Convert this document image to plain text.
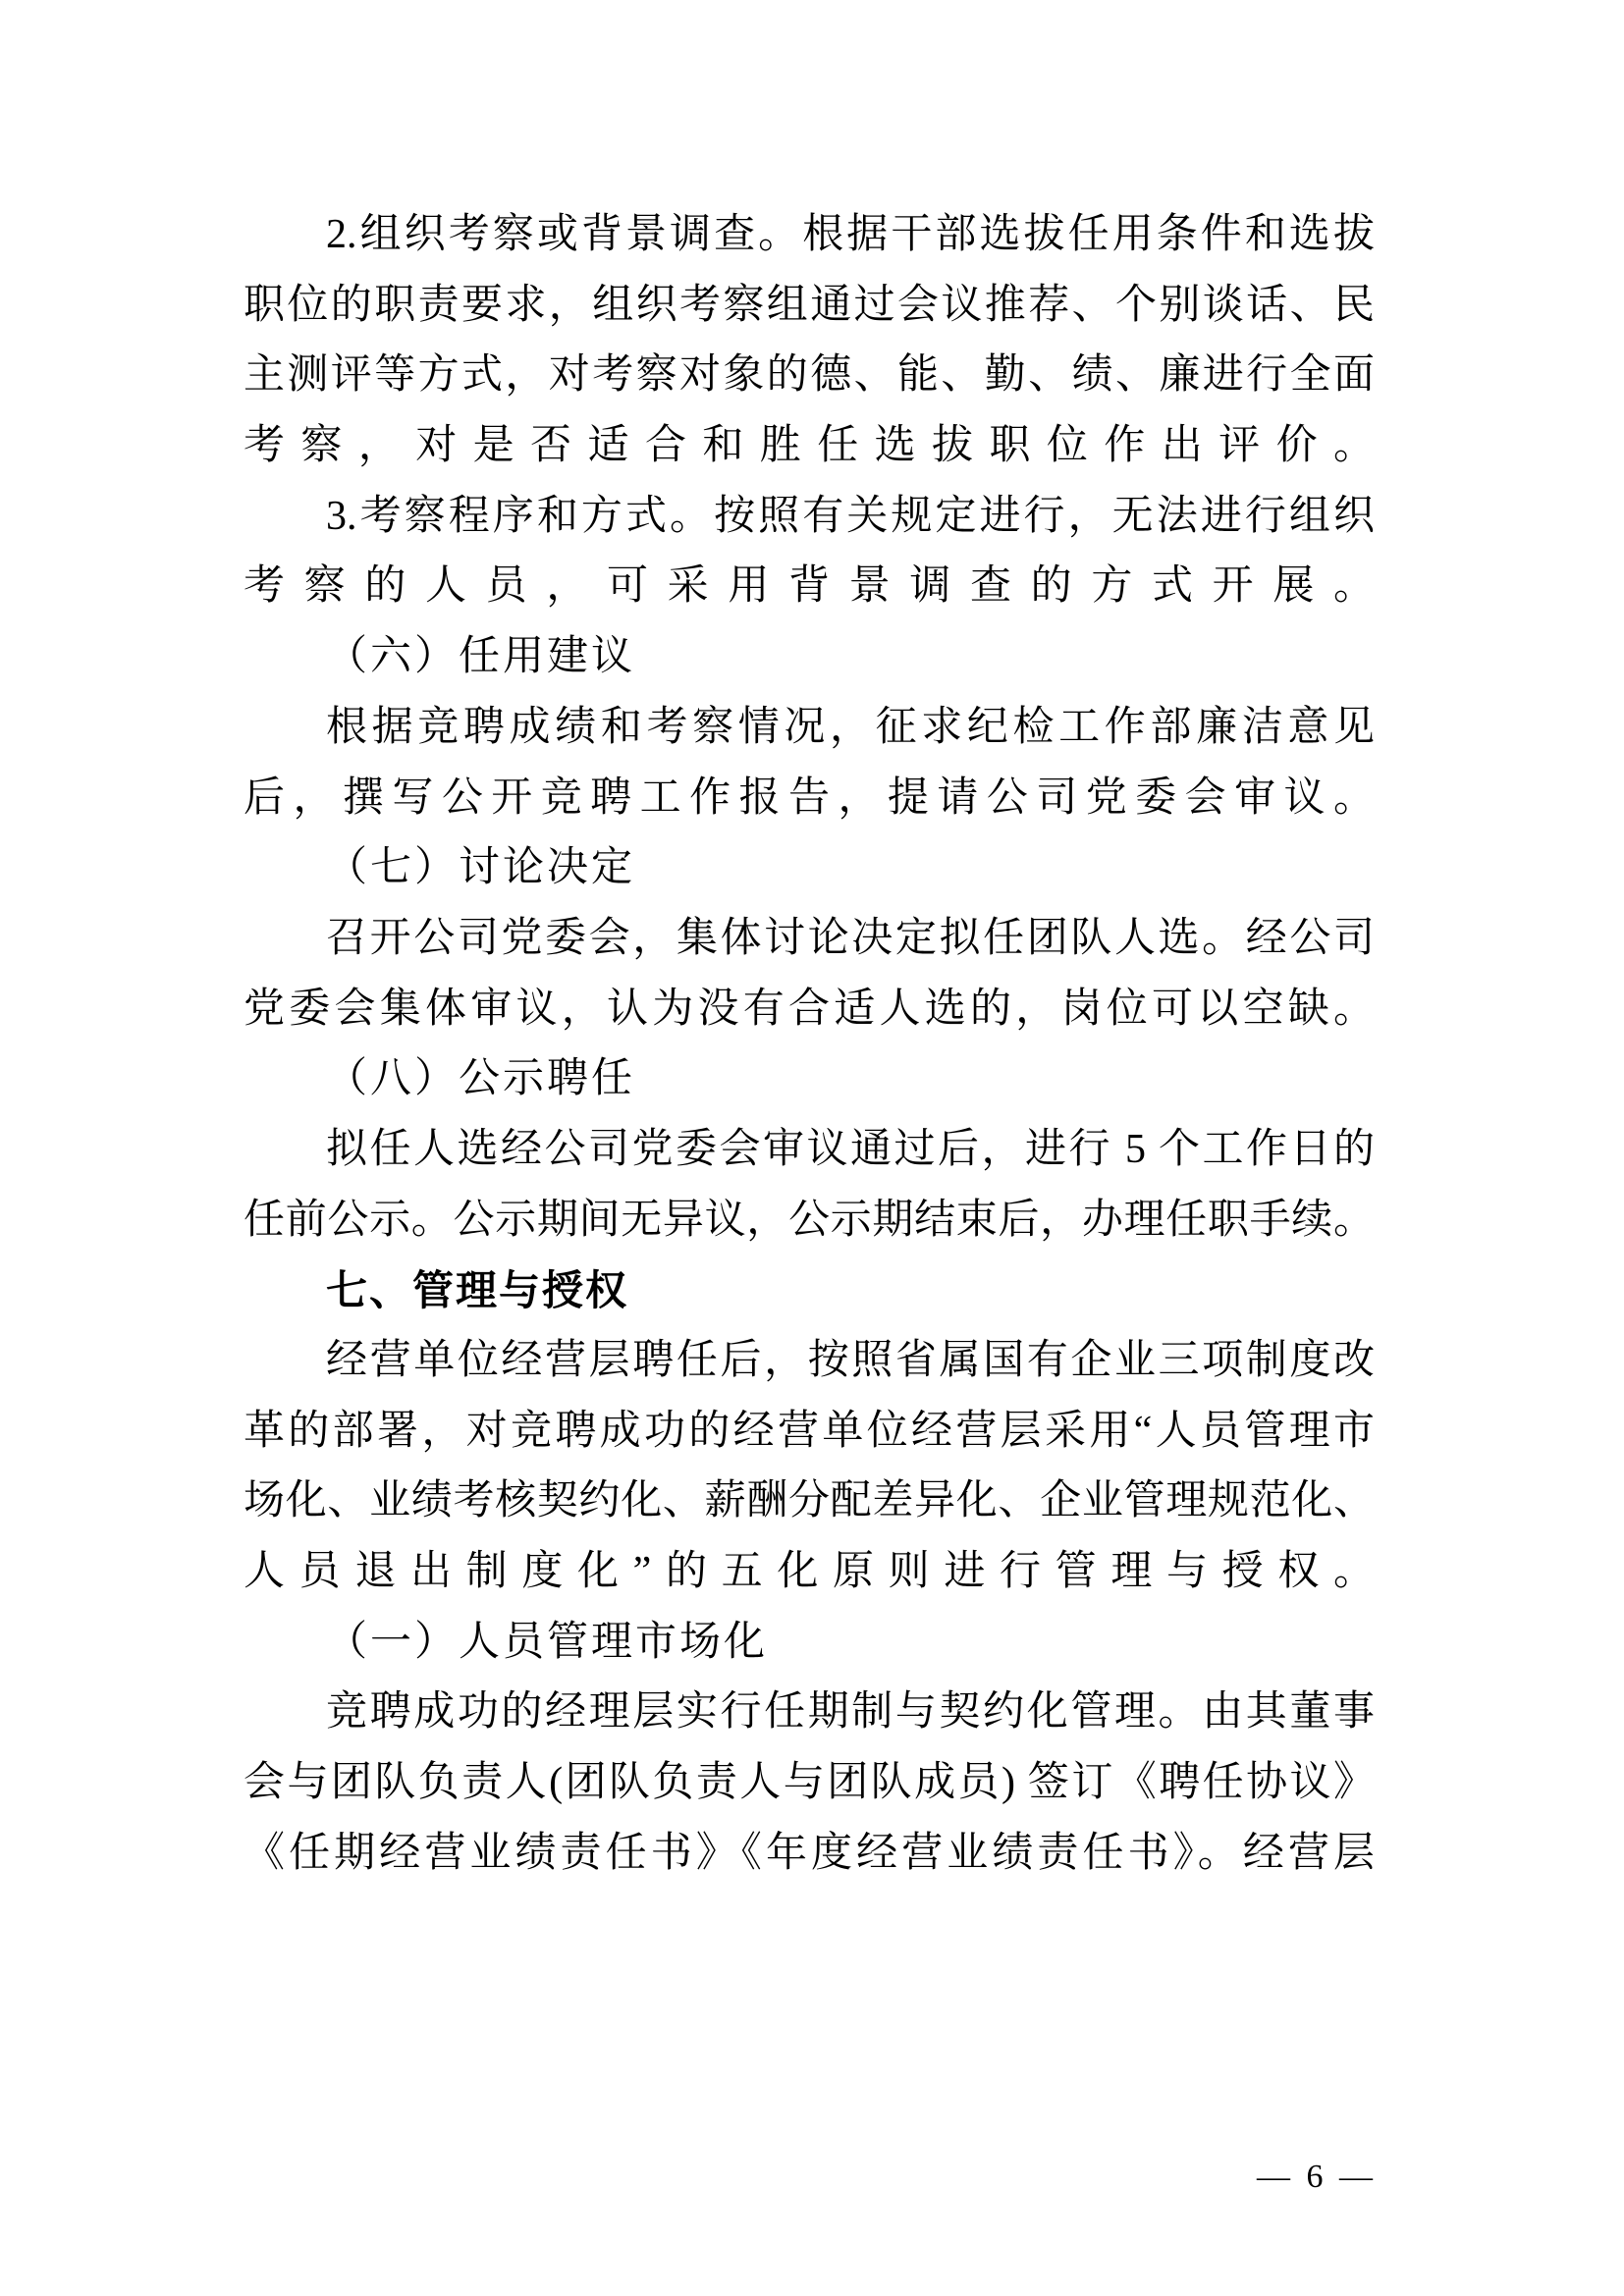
2.组织考察或背景调查。根据干部选拔任用条件和选拔
职位的职责要求，组织考察组通过会议推荐、个别谈话、民
主测评等方式，对考察对象的德、能、勤、绩、廉进行全面
考察，对是否适合和胜任选拔职位作出评价。
3.考察程序和方式。按照有关规定进行，无法进行组织
考察的人员，可采用背景调查的方式开展。
（六）任用建议
根据竞聘成绩和考察情况，征求纪检工作部廉洁意见
后，撰写公开竞聘工作报告，提请公司党委会审议。
（七）讨论决定
召开公司党委会，集体讨论决定拟任团队人选。经公司
党委会集体审议，认为没有合适人选的，岗位可以空缺。
（八）公示聘任
拟任人选经公司党委会审议通过后，进行 5 个工作日的
任前公示。公示期间无异议，公示期结束后，办理任职手续。
七、管理与授权
经营单位经营层聘任后，按照省属国有企业三项制度改
革的部署，对竞聘成功的经营单位经营层采用“人员管理市
场化、业绩考核契约化、薪酬分配差异化、企业管理规范化、
人员退出制度化”的五化原则进行管理与授权。
（一）人员管理市场化
竞聘成功的经理层实行任期制与契约化管理。由其董事
会与团队负责人(团队负责人与团队成员) 签订《聘任协议》
《任期经营业绩责任书》《年度经营业绩责任书》。经营层
— 6 —
